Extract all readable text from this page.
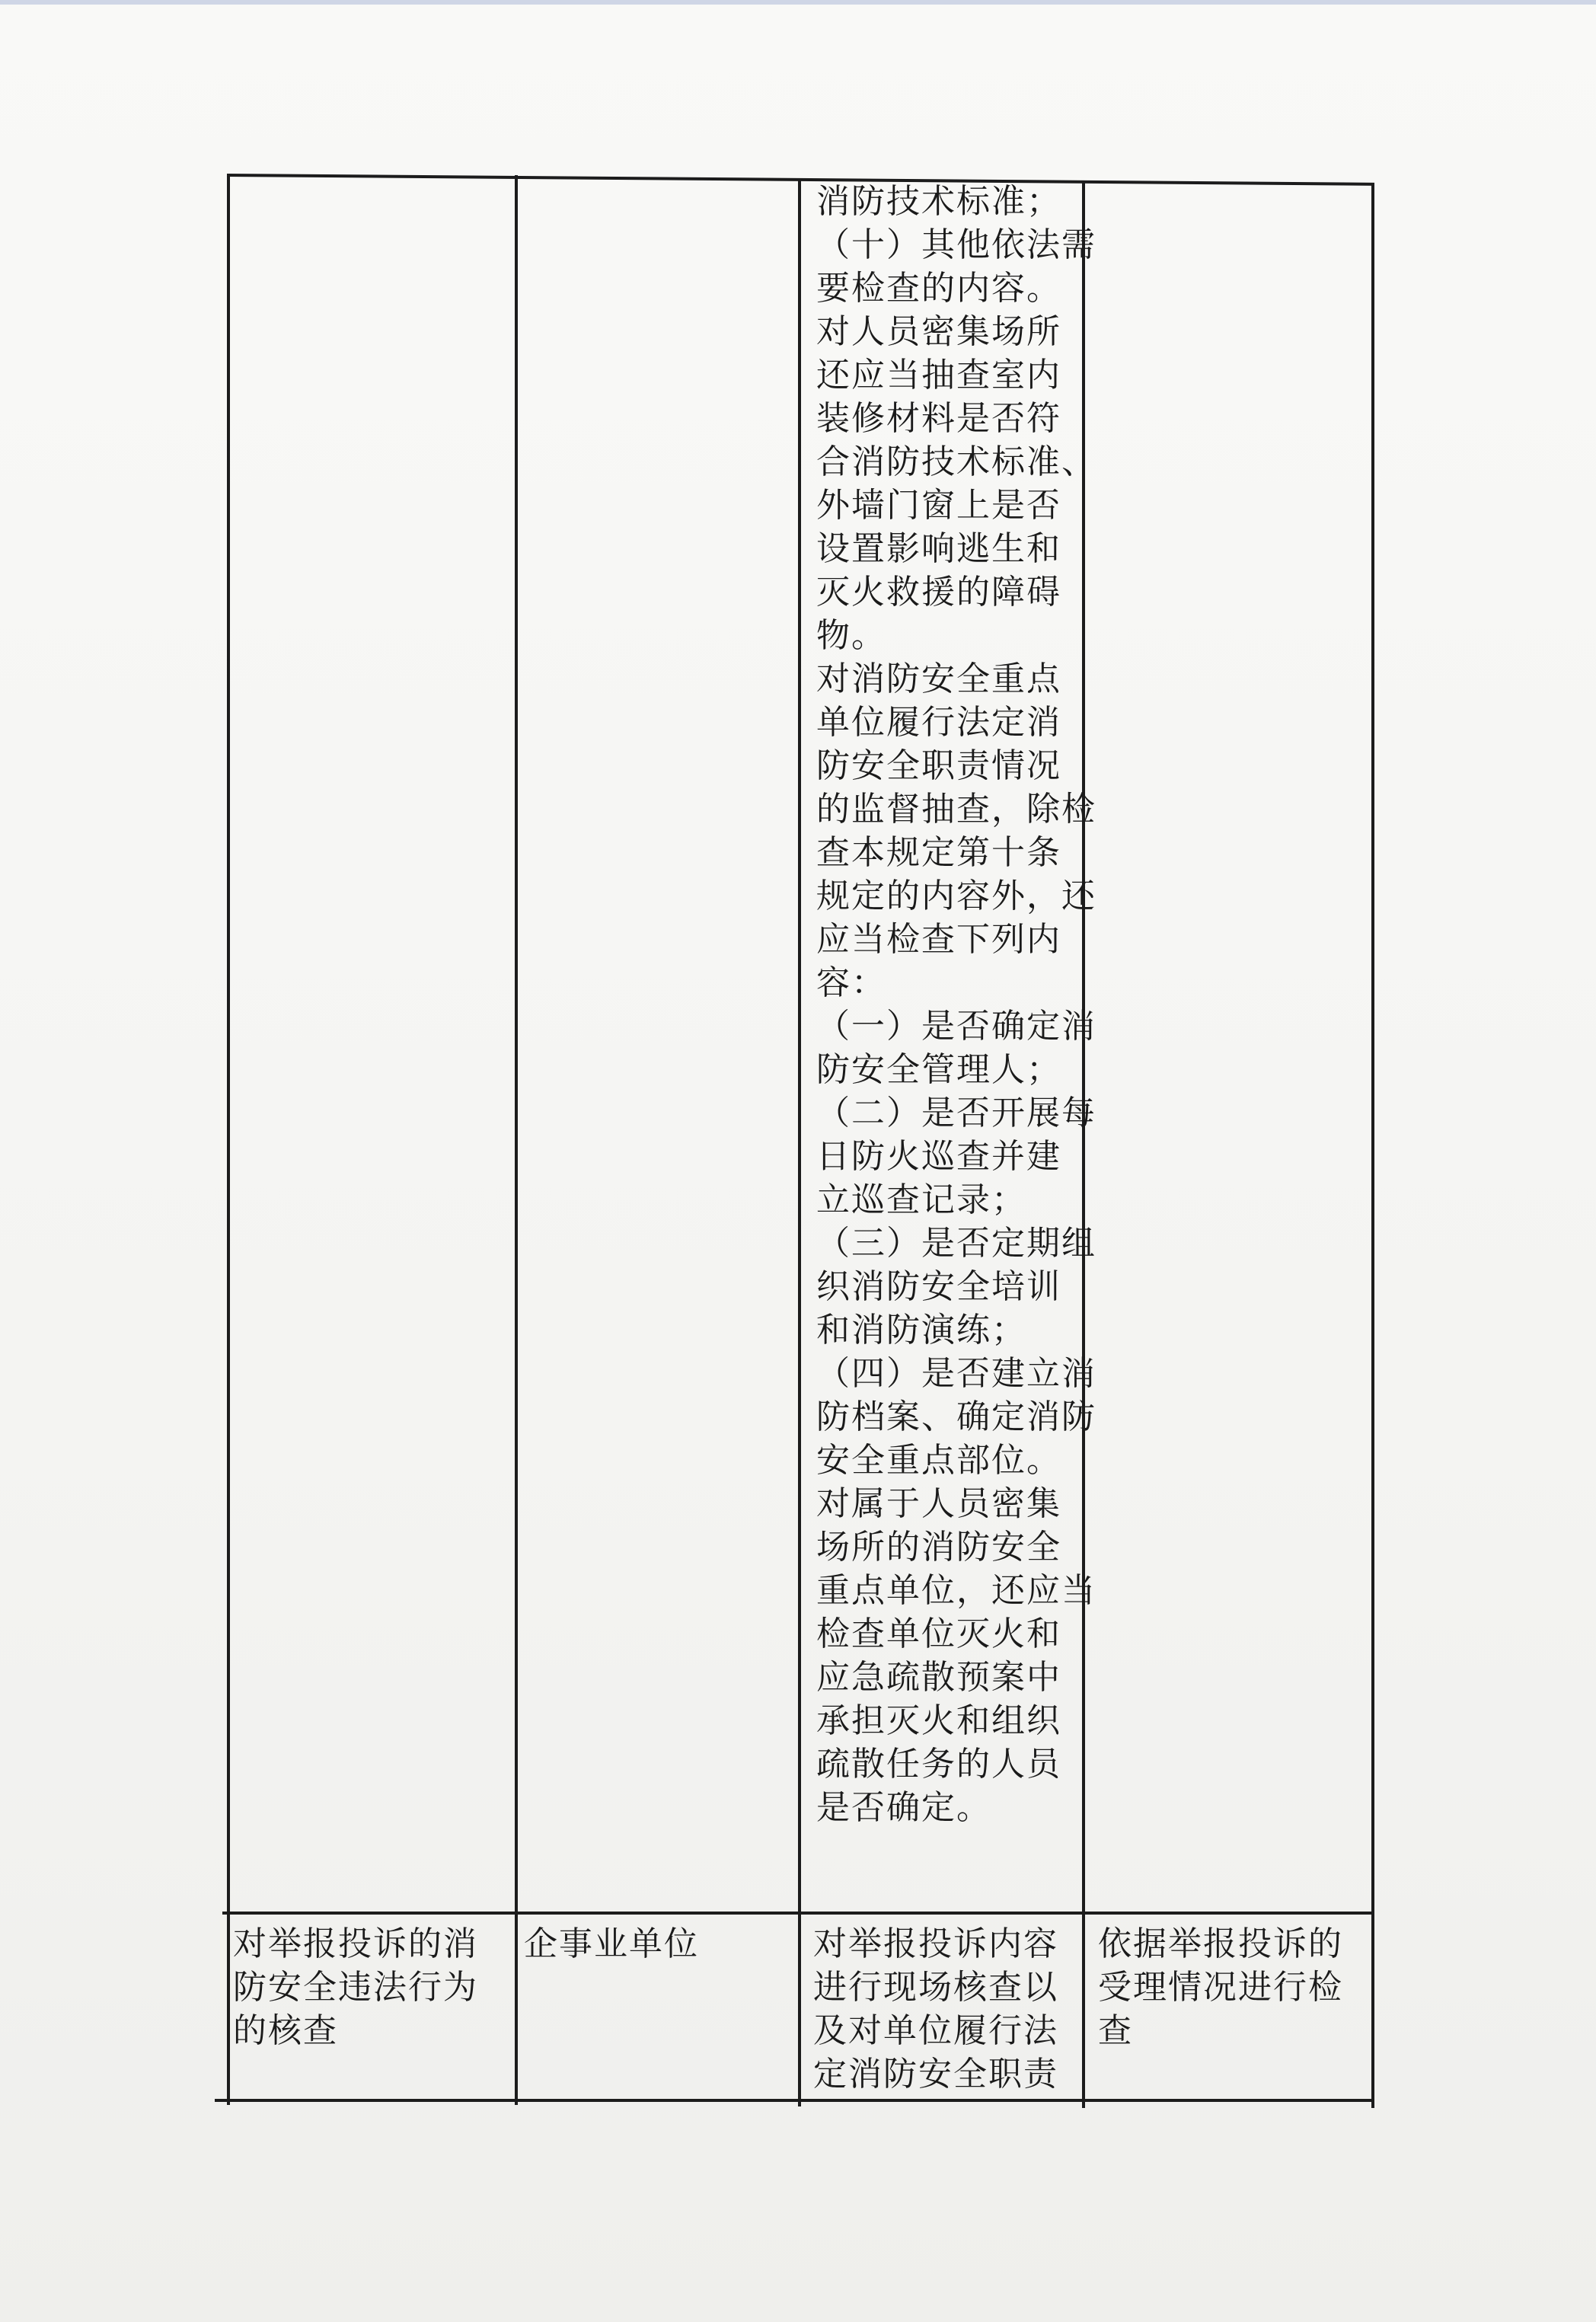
消防技术标准；
（十）其他依法需
要检查的内容。
对人员密集场所
还应当抽查室内
装修材料是否符
合消防技术标准、
外墙门窗上是否
设置影响逃生和
灭火救援的障碍
物。
对消防安全重点
单位履行法定消
防安全职责情况
的监督抽查，除检
查本规定第十条
规定的内容外，还
应当检查下列内
容：
（一）是否确定消
防安全管理人；
（二）是否开展每
日防火巡查并建
立巡查记录；
（三）是否定期组
织消防安全培训
和消防演练；
（四）是否建立消
防档案、确定消防
安全重点部位。
对属于人员密集
场所的消防安全
重点单位，还应当
检查单位灭火和
应急疏散预案中
承担灭火和组织
疏散任务的人员
是否确定。
对举报投诉的消
防安全违法行为
的核查
企事业单位	对举报投诉内容
进行现场核查以
及对单位履行法
定消防安全职责
依据举报投诉的
受理情况进行检
查
